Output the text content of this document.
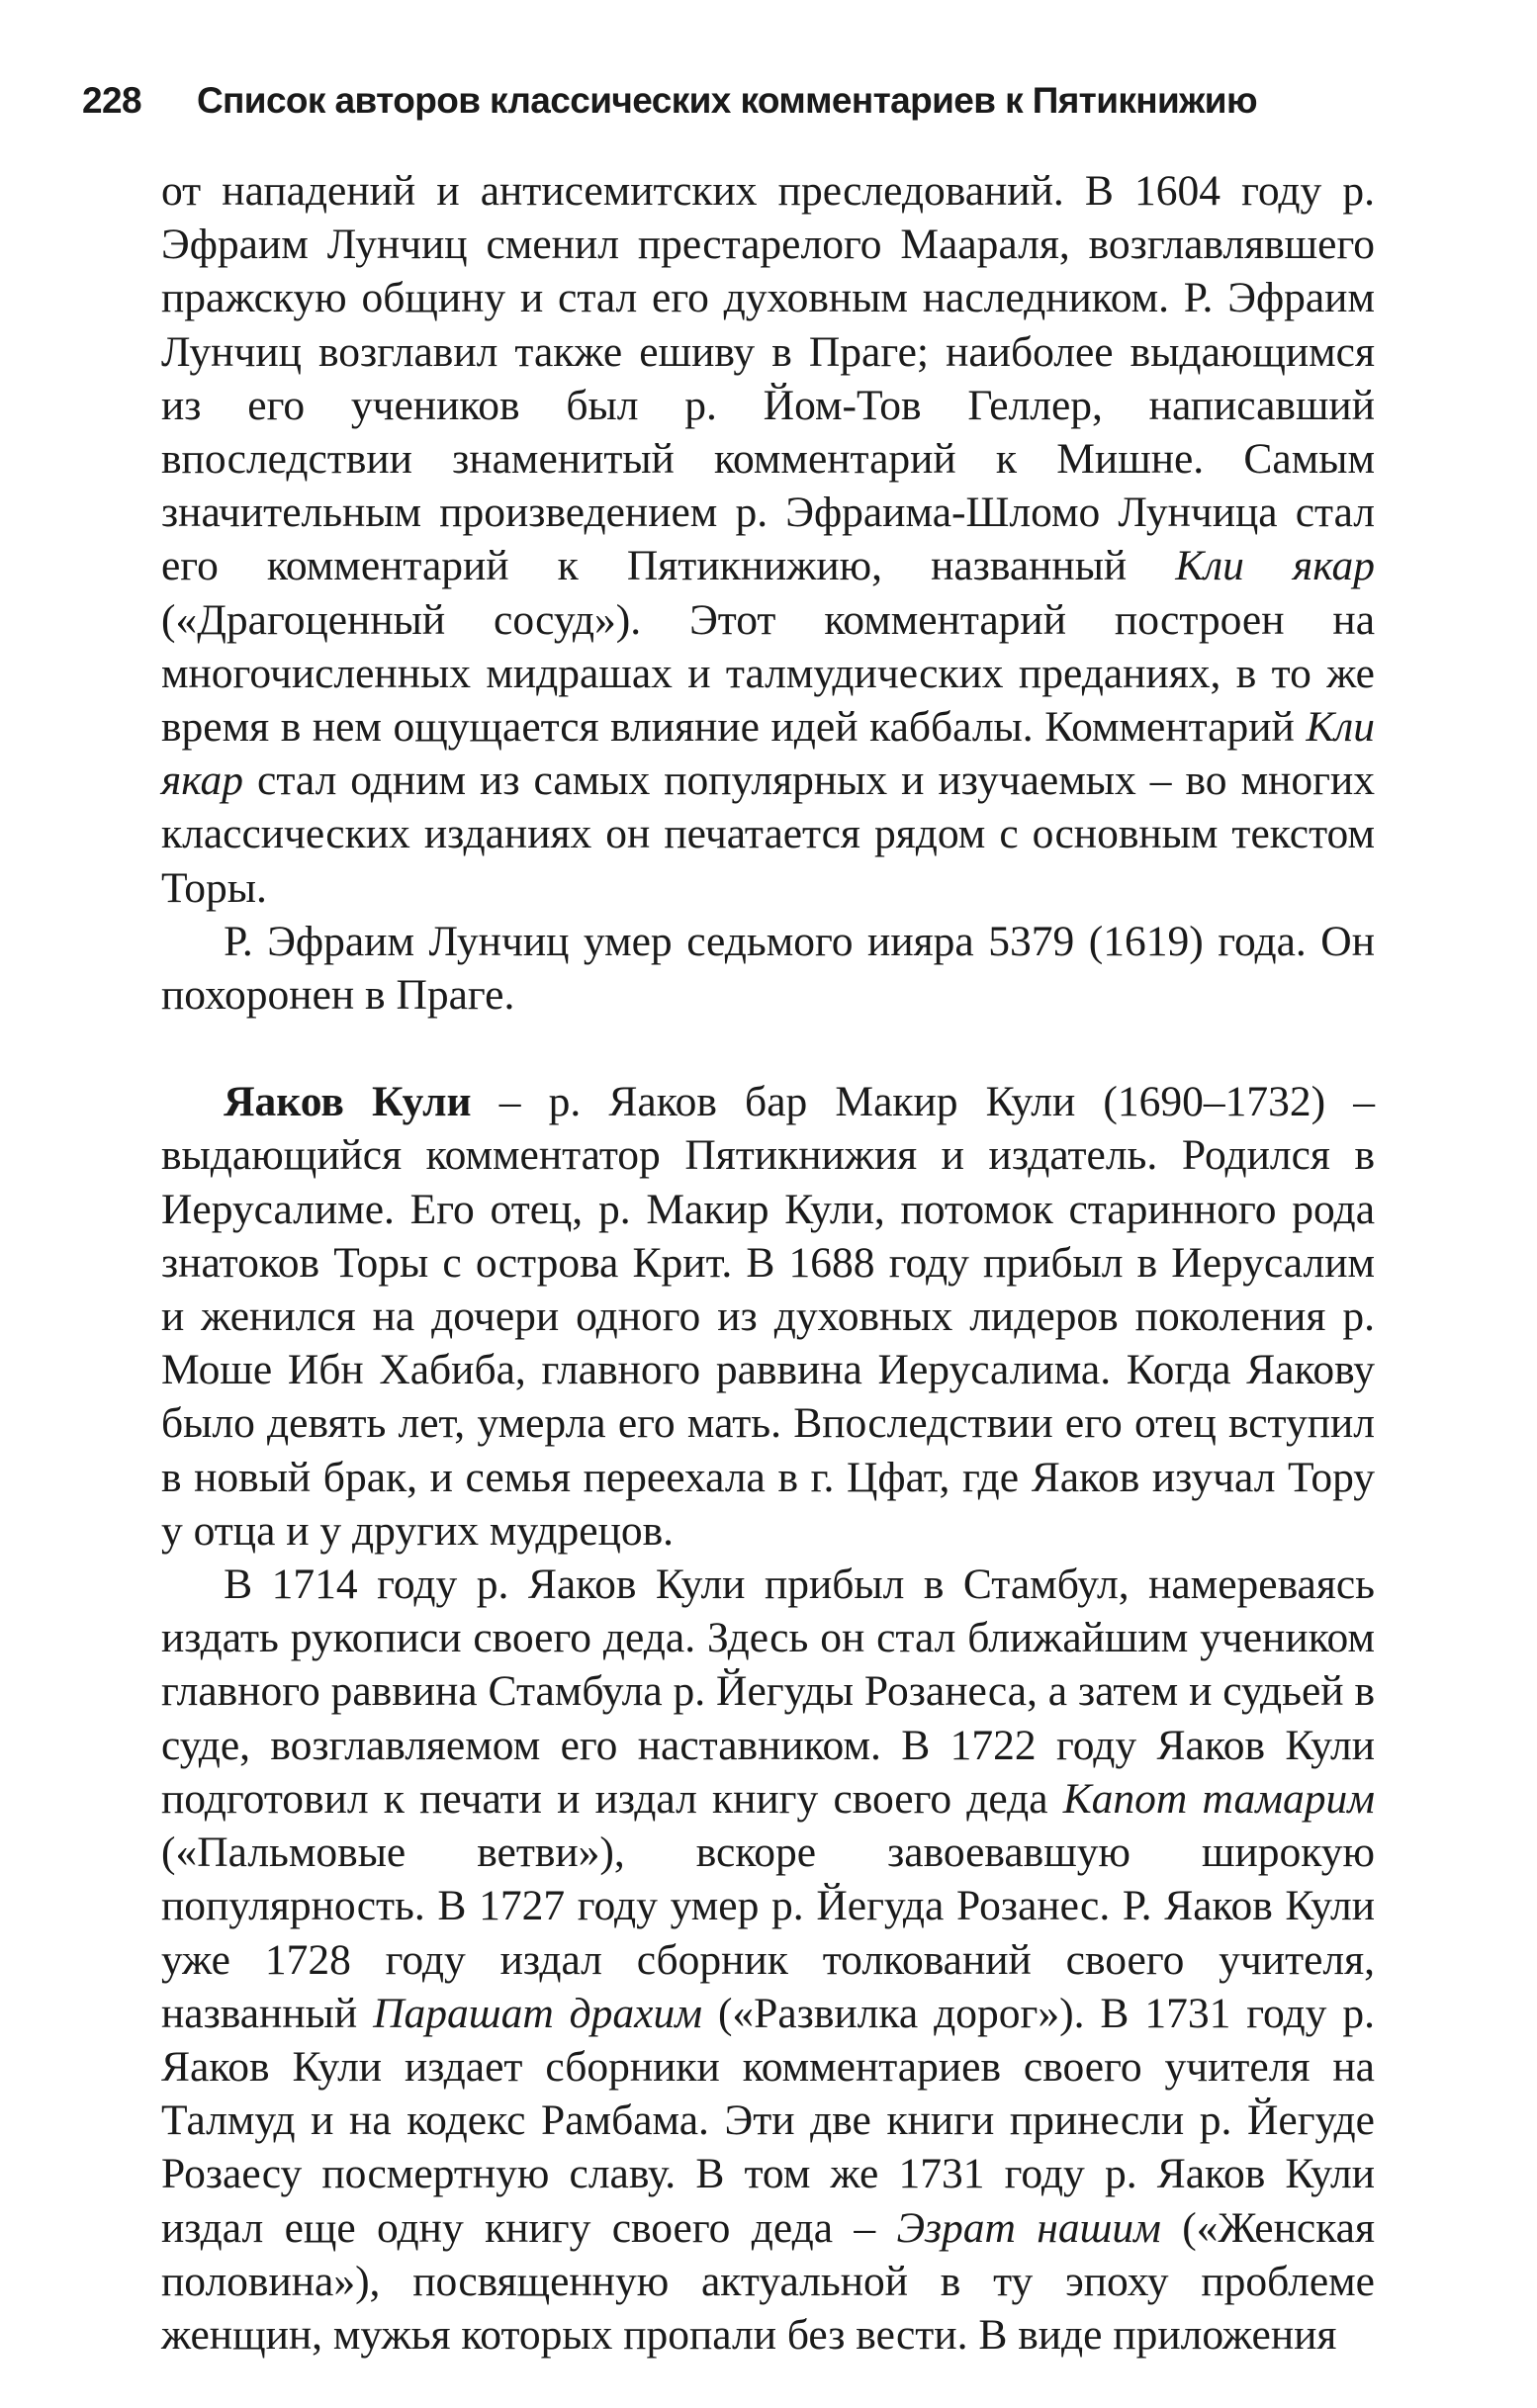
228 Список авторов классических комментариев к Пятикнижию

от нападений и антисемитских преследований. В 1604 году р. Эфраим Лунчиц сменил престарелого Маараля, возглавлявшего пражскую общину и стал его духовным наследником. Р. Эфраим Лунчиц возглавил также ешиву в Праге; наиболее выдающимся из его учеников был р. Йом-Тов Геллер, написавший впоследствии знаменитый комментарий к Мишне. Самым значительным произведением р. Эфраима-Шломо Лунчица стал его комментарий к Пятикнижию, названный Кли якар («Драгоценный сосуд»). Этот комментарий построен на многочисленных мидрашах и талмудических преданиях, в то же время в нем ощущается влияние идей каббалы. Комментарий Кли якар стал одним из самых популярных и изучаемых – во многих классических изданиях он печатается рядом с основным текстом Торы.

Р. Эфраим Лунчиц умер седьмого иияра 5379 (1619) года. Он похоронен в Праге.

Яаков Кули – р. Яаков бар Макир Кули (1690–1732) – выдающийся комментатор Пятикнижия и издатель. Родился в Иерусалиме. Его отец, р. Макир Кули, потомок старинного рода знатоков Торы с острова Крит. В 1688 году прибыл в Иерусалим и женился на дочери одного из духовных лидеров поколения р. Моше Ибн Хабиба, главного раввина Иерусалима. Когда Яакову было девять лет, умерла его мать. Впоследствии его отец вступил в новый брак, и семья переехала в г. Цфат, где Яаков изучал Тору у отца и у других мудрецов.

В 1714 году р. Яаков Кули прибыл в Стамбул, намереваясь издать рукописи своего деда. Здесь он стал ближайшим учеником главного раввина Стамбула р. Йегуды Розанеса, а затем и судьей в суде, возглавляемом его наставником. В 1722 году Яаков Кули подготовил к печати и издал книгу своего деда Капот тамарим («Пальмовые ветви»), вскоре завоевавшую широкую популярность. В 1727 году умер р. Йегуда Розанес. Р. Яаков Кули уже 1728 году издал сборник толкований своего учителя, названный Парашат драхим («Развилка дорог»). В 1731 году р. Яаков Кули издает сборники комментариев своего учителя на Талмуд и на кодекс Рамбама. Эти две книги принесли р. Йегуде Розаесу посмертную славу. В том же 1731 году р. Яаков Кули издал еще одну книгу своего деда – Эзрат нашим («Женская половина»), посвященную актуальной в ту эпоху проблеме женщин, мужья которых пропали без вести. В виде приложения
